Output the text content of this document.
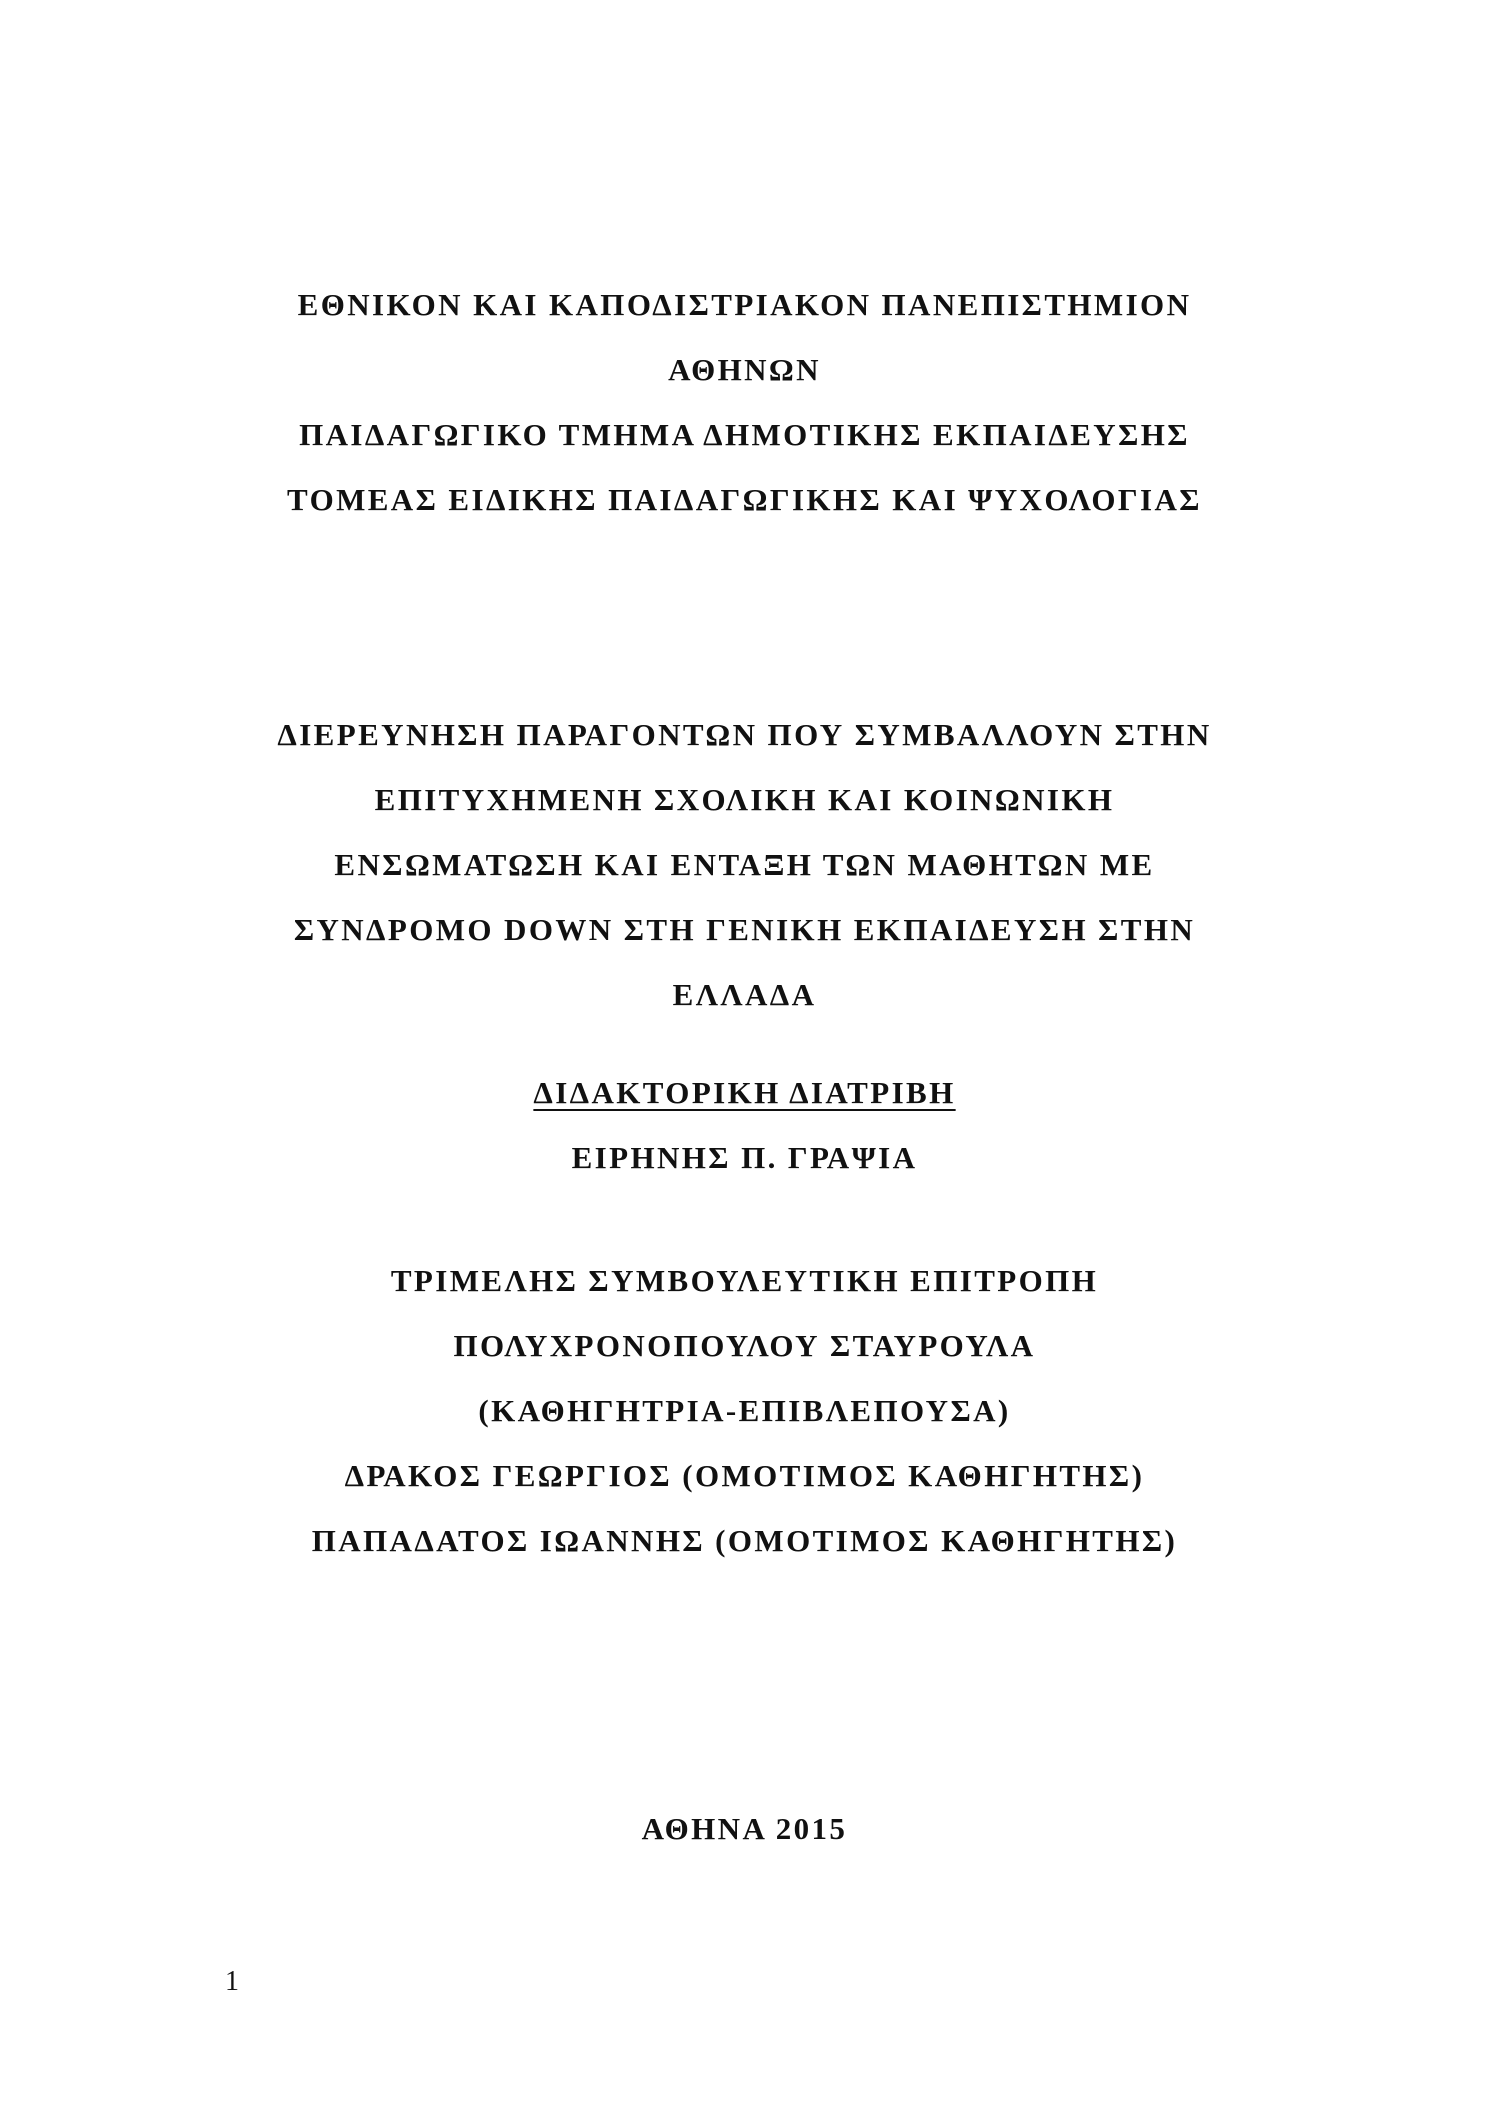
ΕΘΝΙΚΟΝ ΚΑΙ ΚΑΠΟΔΙΣΤΡΙΑΚΟΝ ΠΑΝΕΠΙΣΤΗΜΙΟΝ
ΑΘΗΝΩΝ
ΠΑΙΔΑΓΩΓΙΚΟ ΤΜΗΜΑ ΔΗΜΟΤΙΚΗΣ ΕΚΠΑΙΔΕΥΣΗΣ
ΤΟΜΕΑΣ ΕΙΔΙΚΗΣ ΠΑΙΔΑΓΩΓΙΚΗΣ ΚΑΙ ΨΥΧΟΛΟΓΙΑΣ
ΔΙΕΡΕΥΝΗΣΗ ΠΑΡΑΓΟΝΤΩΝ ΠΟΥ ΣΥΜΒΑΛΛΟΥΝ ΣΤΗΝ
ΕΠΙΤΥΧΗΜΕΝΗ ΣΧΟΛΙΚΗ ΚΑΙ ΚΟΙΝΩΝΙΚΗ
ΕΝΣΩΜΑΤΩΣΗ ΚΑΙ ΕΝΤΑΞΗ ΤΩΝ ΜΑΘΗΤΩΝ ΜΕ
ΣΥΝΔΡΟΜΟ DOWN ΣΤΗ ΓΕΝΙΚΗ ΕΚΠΑΙΔΕΥΣΗ ΣΤΗΝ
ΕΛΛΑΔΑ
ΔΙΔΑΚΤΟΡΙΚΗ ΔΙΑΤΡΙΒΗ
ΕΙΡΗΝΗΣ Π. ΓΡΑΨΙΑ
ΤΡΙΜΕΛΗΣ ΣΥΜΒΟΥΛΕΥΤΙΚΗ ΕΠΙΤΡΟΠΗ
ΠΟΛΥΧΡΟΝΟΠΟΥΛΟΥ ΣΤΑΥΡΟΥΛΑ
(ΚΑΘΗΓΗΤΡΙΑ-ΕΠΙΒΛΕΠΟΥΣΑ)
ΔΡΑΚΟΣ ΓΕΩΡΓΙΟΣ (ΟΜΟΤΙΜΟΣ ΚΑΘΗΓΗΤΗΣ)
ΠΑΠΑΔΑΤΟΣ ΙΩΑΝΝΗΣ (ΟΜΟΤΙΜΟΣ ΚΑΘΗΓΗΤΗΣ)
ΑΘΗΝΑ 2015
1
